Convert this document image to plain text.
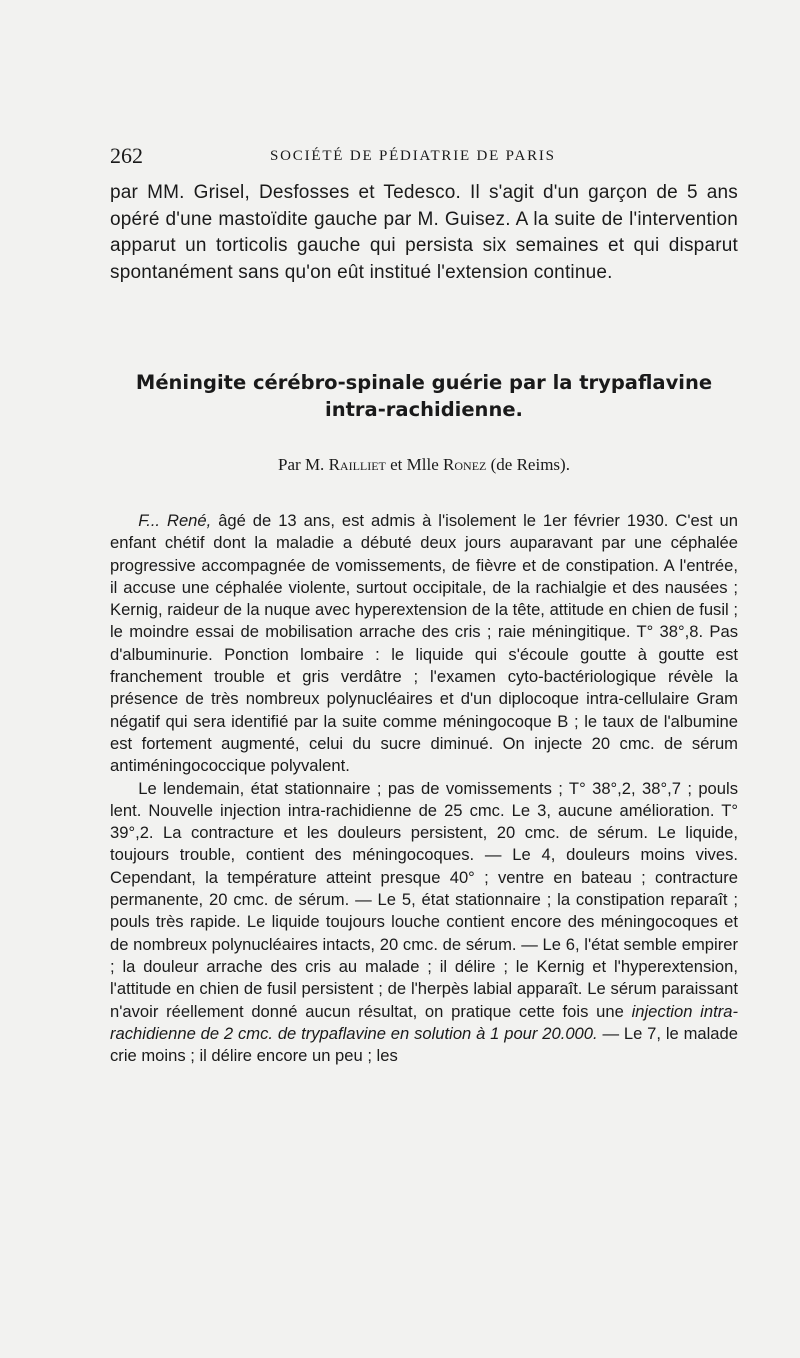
262	SOCIÉTÉ DE PÉDIATRIE DE PARIS

par MM. Grisel, Desfosses et Tedesco. Il s'agit d'un garçon de 5 ans opéré d'une mastoïdite gauche par M. Guisez. A la suite de l'intervention apparut un torticolis gauche qui persista six semaines et qui disparut spontanément sans qu'on eût institué l'extension continue.

Méningite cérébro-spinale guérie par la trypaflavine
intra-rachidienne.

Par M. Railliet et Mlle Ronez (de Reims).

F... René, âgé de 13 ans, est admis à l'isolement le 1er février 1930. C'est un enfant chétif dont la maladie a débuté deux jours auparavant par une céphalée progressive accompagnée de vomissements, de fièvre et de constipation. A l'entrée, il accuse une céphalée violente, surtout occipitale, de la rachialgie et des nausées ; Kernig, raideur de la nuque avec hyperextension de la tête, attitude en chien de fusil ; le moindre essai de mobilisation arrache des cris ; raie méningitique. T° 38°,8. Pas d'albuminurie. Ponction lombaire : le liquide qui s'écoule goutte à goutte est franchement trouble et gris verdâtre ; l'examen cyto-bactériologique révèle la présence de très nombreux polynucléaires et d'un diplocoque intra-cellulaire Gram négatif qui sera identifié par la suite comme méningocoque B ; le taux de l'albumine est fortement augmenté, celui du sucre diminué. On injecte 20 cmc. de sérum antiméningococcique polyvalent.

Le lendemain, état stationnaire ; pas de vomissements ; T° 38°,2, 38°,7 ; pouls lent. Nouvelle injection intra-rachidienne de 25 cmc. Le 3, aucune amélioration. T° 39°,2. La contracture et les douleurs persistent, 20 cmc. de sérum. Le liquide, toujours trouble, contient des méningocoques. — Le 4, douleurs moins vives. Cependant, la température atteint presque 40° ; ventre en bateau ; contracture permanente, 20 cmc. de sérum. — Le 5, état stationnaire ; la constipation reparaît ; pouls très rapide. Le liquide toujours louche contient encore des méningocoques et de nombreux polynucléaires intacts, 20 cmc. de sérum. — Le 6, l'état semble empirer ; la douleur arrache des cris au malade ; il délire ; le Kernig et l'hyperextension, l'attitude en chien de fusil persistent ; de l'herpès labial apparaît. Le sérum paraissant n'avoir réellement donné aucun résultat, on pratique cette fois une injection intra-rachidienne de 2 cmc. de trypaflavine en solution à 1 pour 20.000. — Le 7, le malade crie moins ; il délire encore un peu ; les
